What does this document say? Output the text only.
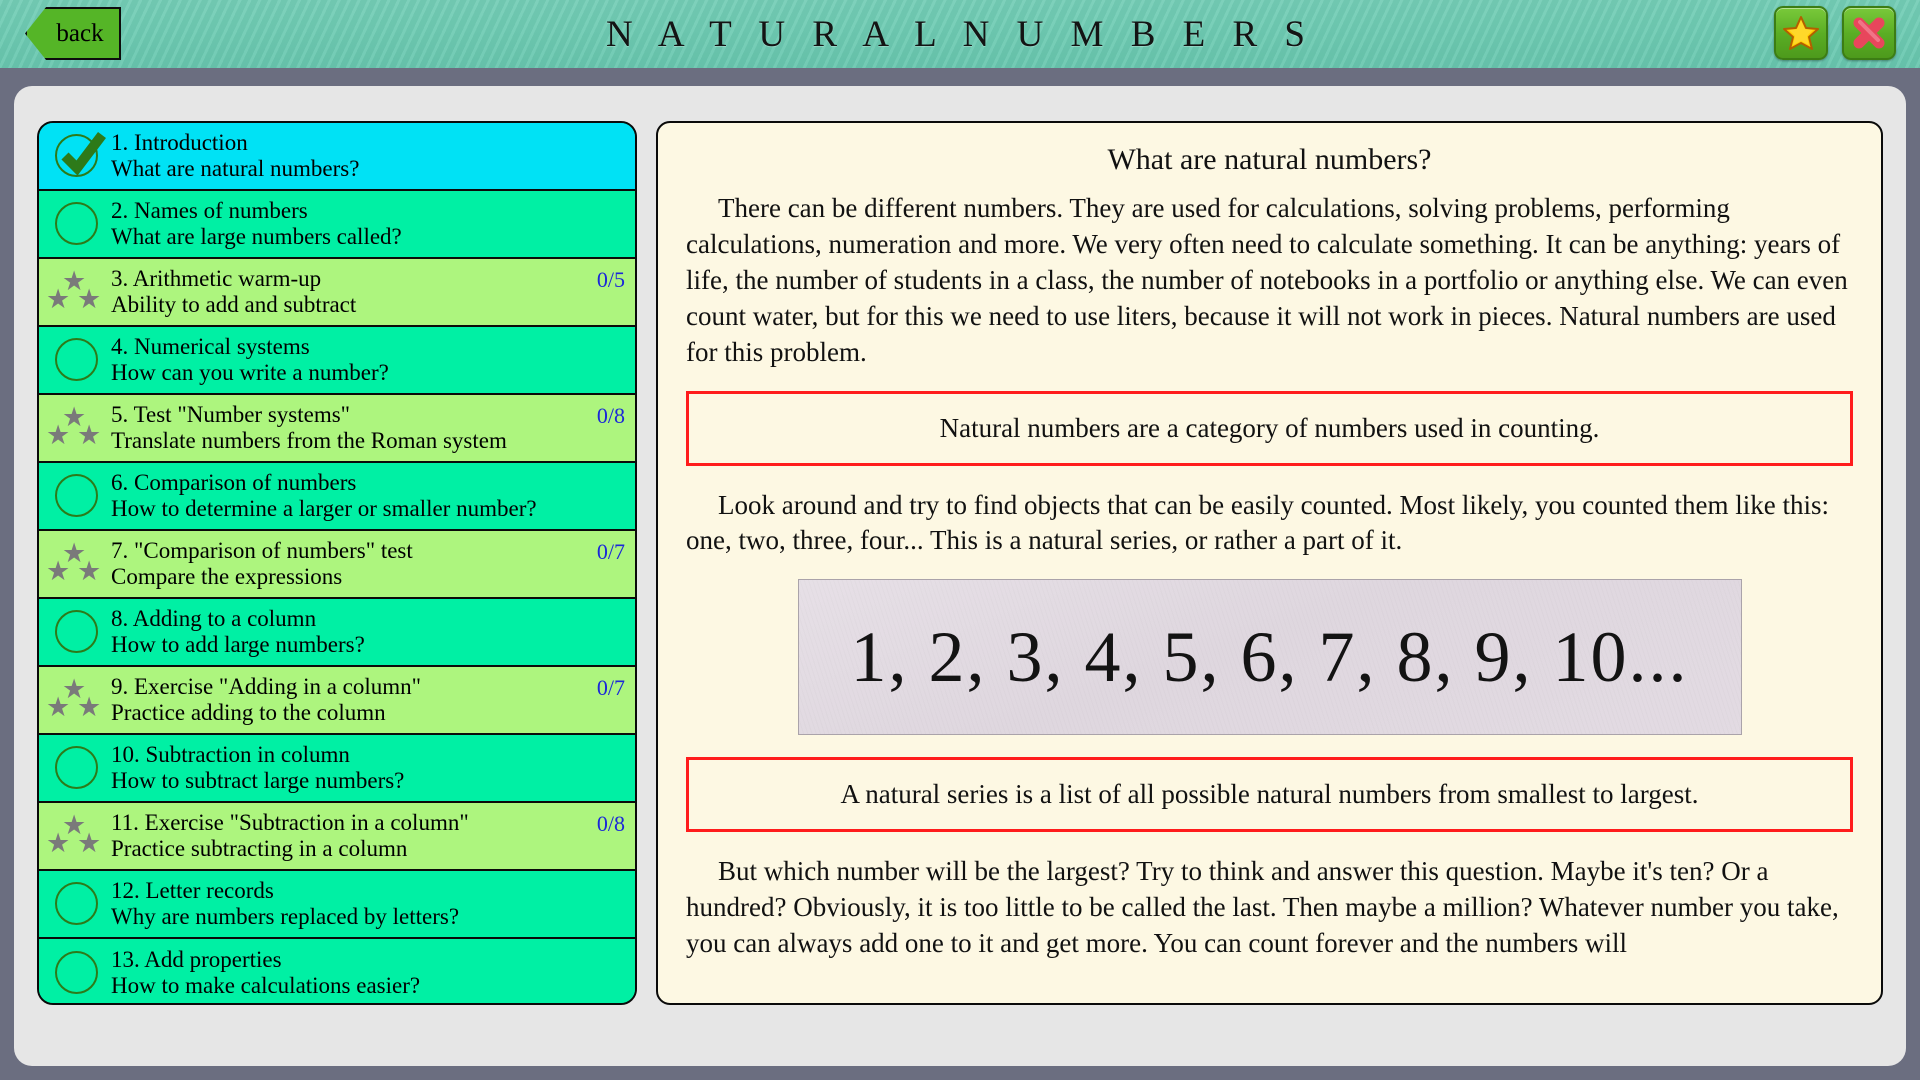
back	N A T U R A L N U M B E R S
1. Introduction
What are natural numbers?
2. Names of numbers
What are large numbers called?
★
★ ★
3. Arithmetic warm-up
Ability to add and subtract
0/5
4. Numerical systems
How can you write a number?
★
★ ★
5. Test "Number systems"
Translate numbers from the Roman system
0/8
6. Comparison of numbers
How to determine a larger or smaller number?
★
★ ★
7. "Comparison of numbers" test
Compare the expressions
0/7
8. Adding to a column
How to add large numbers?
★
★ ★
9. Exercise "Adding in a column"
Practice adding to the column
0/7
10. Subtraction in column
How to subtract large numbers?
★
★ ★
11. Exercise "Subtraction in a column"
Practice subtracting in a column
0/8
12. Letter records
Why are numbers replaced by letters?
13. Add properties
How to make calculations easier?
What are natural numbers?

There can be different numbers. They are used for calculations, solving problems, performing calculations, numeration and more. We very often need to calculate something. It can be anything: years of life, the number of students in a class, the number of notebooks in a portfolio or anything else. We can even count water, but for this we need to use liters, because it will not work in pieces. Natural numbers are used for this problem.

Natural numbers are a category of numbers used in counting.

Look around and try to find objects that can be easily counted. Most likely, you counted them like this: one, two, three, four... This is a natural series, or rather a part of it.

1, 2, 3, 4, 5, 6, 7, 8, 9, 10...
A natural series is a list of all possible natural numbers from smallest to largest.

But which number will be the largest? Try to think and answer this question. Maybe it's ten? Or a hundred? Obviously, it is too little to be called the last. Then maybe a million? Whatever number you take, you can always add one to it and get more. You can count forever and the numbers will
